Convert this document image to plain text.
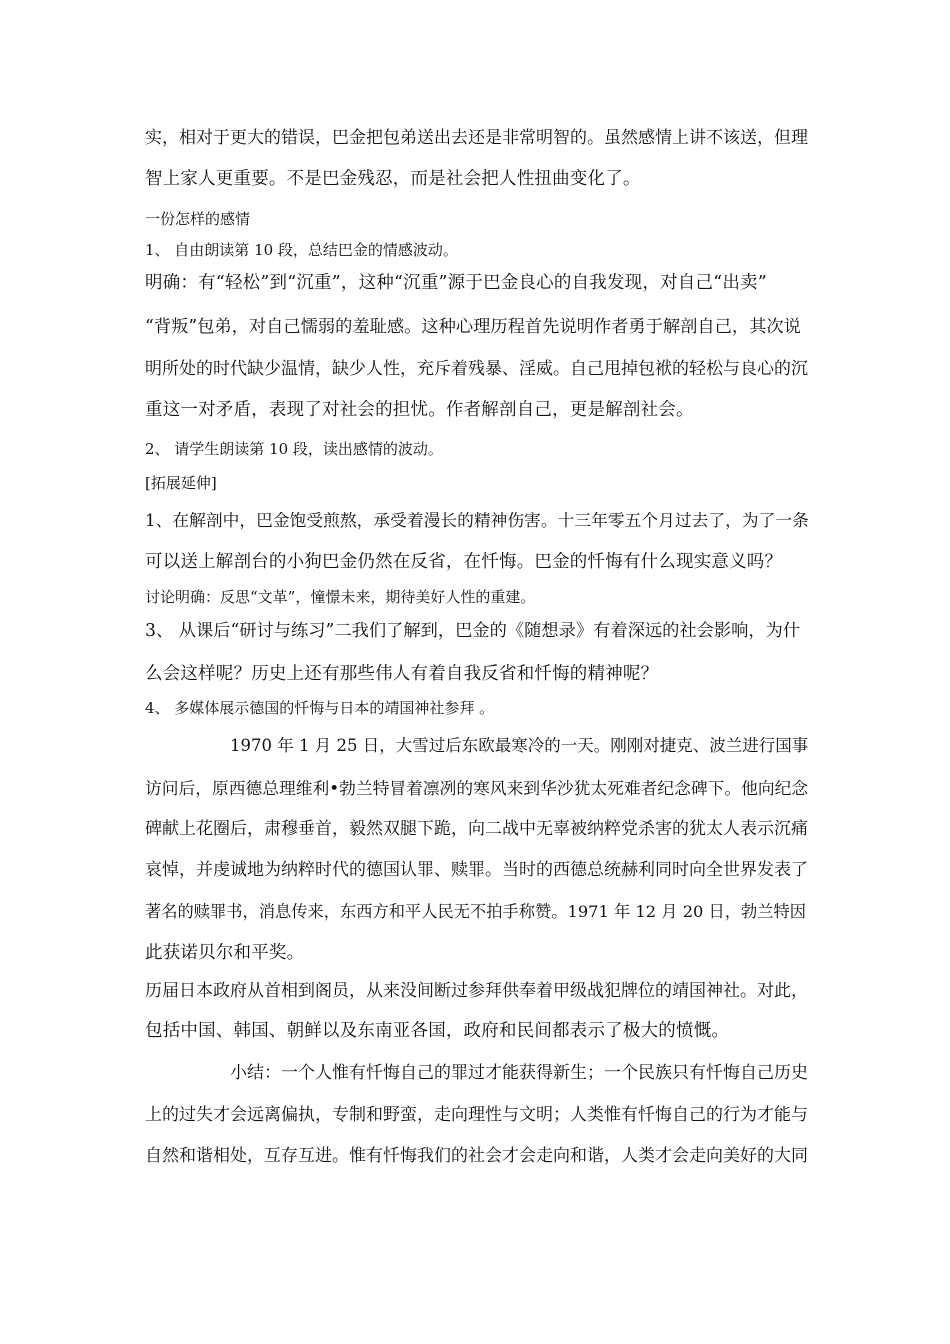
实，相对于更大的错误，巴金把包弟送出去还是非常明智的。虽然感情上讲不该送，但理
智上家人更重要。不是巴金残忍，而是社会把人性扭曲变化了。
一份怎样的感情
1、 自由朗读第 10 段，总结巴金的情感波动。
明确：有“轻松”到“沉重”，这种“沉重”源于巴金良心的自我发现，对自己“出卖”
“背叛”包弟，对自己懦弱的羞耻感。这种心理历程首先说明作者勇于解剖自己，其次说
明所处的时代缺少温情，缺少人性，充斥着残暴、淫威。自己甩掉包袱的轻松与良心的沉
重这一对矛盾，表现了对社会的担忧。作者解剖自己，更是解剖社会。
2、 请学生朗读第 10 段，读出感情的波动。
[拓展延伸]
1、在解剖中，巴金饱受煎熬，承受着漫长的精神伤害。十三年零五个月过去了，为了一条
可以送上解剖台的小狗巴金仍然在反省，在忏悔。巴金的忏悔有什么现实意义吗？
讨论明确：反思“文革”，憧憬未来，期待美好人性的重建。
3、 从课后“研讨与练习”二我们了解到，巴金的《随想录》有着深远的社会影响，为什
么会这样呢？历史上还有那些伟人有着自我反省和忏悔的精神呢？
4、 多媒体展示德国的忏悔与日本的靖国神社参拜 。
1970 年 1 月 25 日，大雪过后东欧最寒冷的一天。刚刚对捷克、波兰进行国事
访问后，原西德总理维利•勃兰特冒着凛冽的寒风来到华沙犹太死难者纪念碑下。他向纪念
碑献上花圈后，肃穆垂首，毅然双腿下跪，向二战中无辜被纳粹党杀害的犹太人表示沉痛
哀悼，并虔诚地为纳粹时代的德国认罪、赎罪。当时的西德总统赫利同时向全世界发表了
著名的赎罪书，消息传来，东西方和平人民无不拍手称赞。1971 年 12 月 20 日，勃兰特因
此获诺贝尔和平奖。
历届日本政府从首相到阁员，从来没间断过参拜供奉着甲级战犯牌位的靖国神社。对此，
包括中国、韩国、朝鲜以及东南亚各国，政府和民间都表示了极大的愤慨。
小结：一个人惟有忏悔自己的罪过才能获得新生；一个民族只有忏悔自己历史
上的过失才会远离偏执，专制和野蛮，走向理性与文明；人类惟有忏悔自己的行为才能与
自然和谐相处，互存互进。惟有忏悔我们的社会才会走向和谐，人类才会走向美好的大同
